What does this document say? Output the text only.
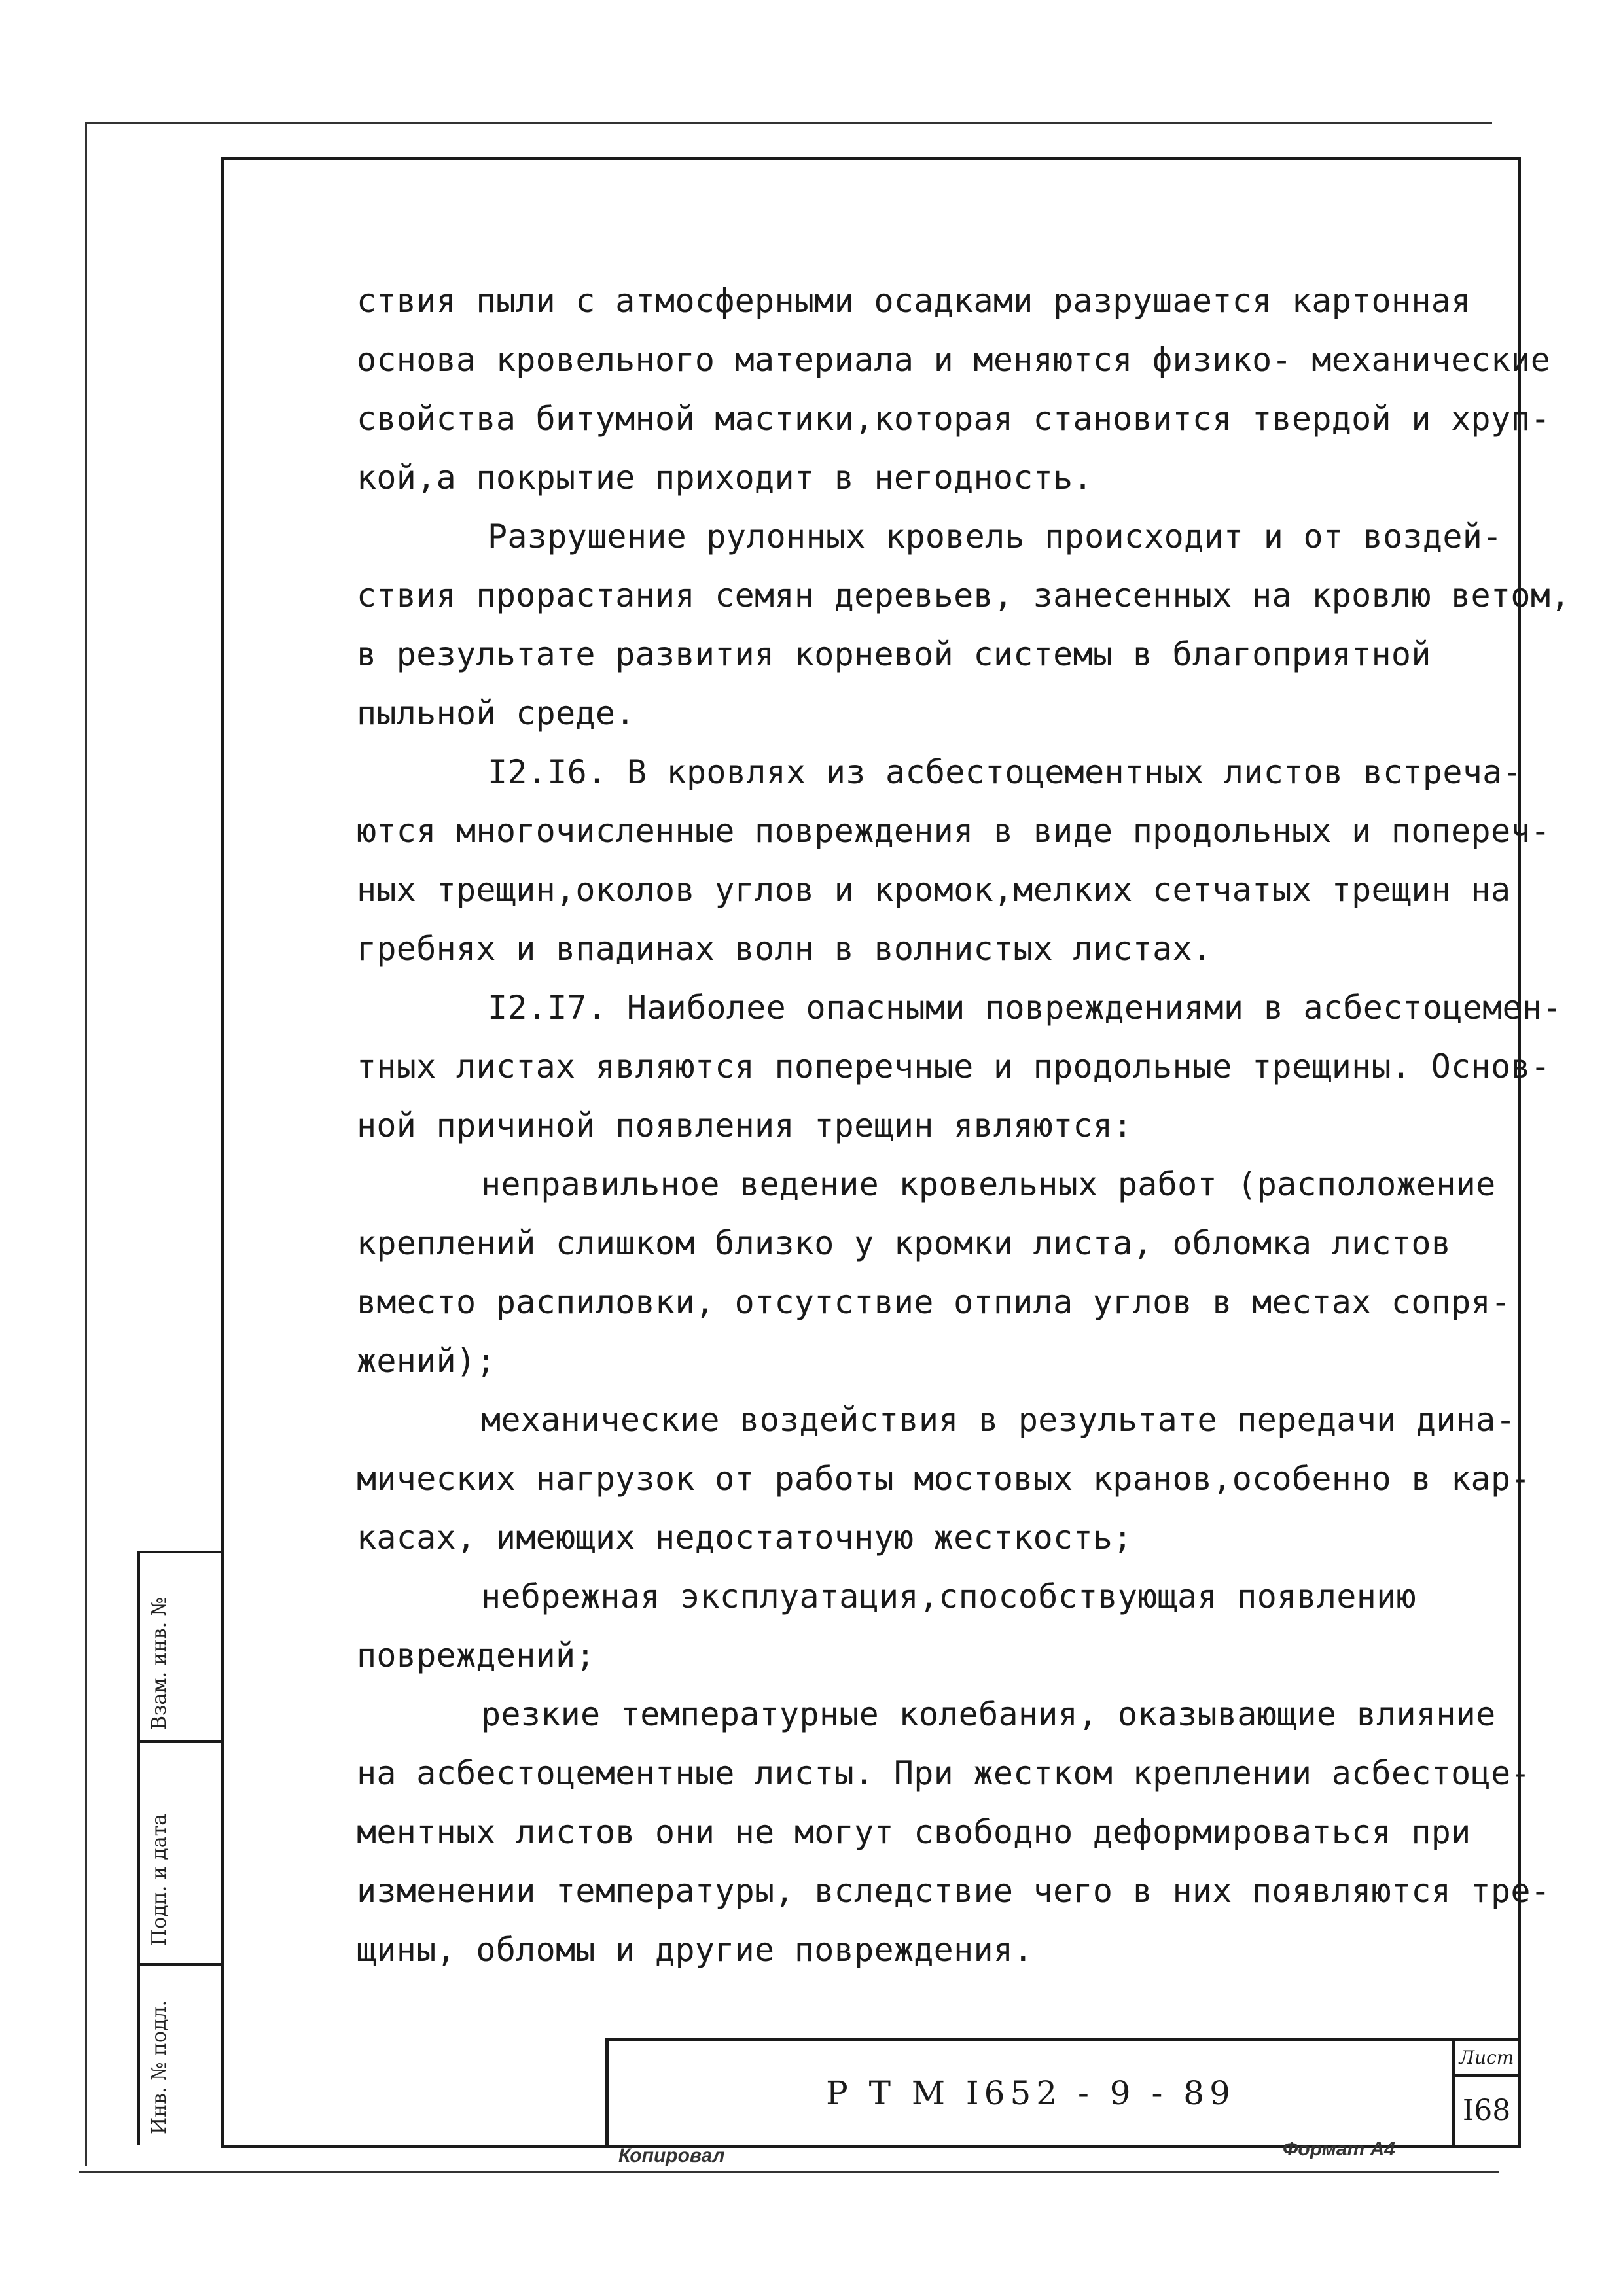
ствия пыли с атмосферными осадками разрушается картонная
основа кровельного материала и меняются физико- механические
свойства битумной мастики,которая становится твердой и хруп-
кой,а покрытие приходит в негодность.
Разрушение рулонных кровель происходит и от воздей-
ствия прорастания семян деревьев, занесенных на кровлю ветом,
в результате развития корневой системы в благоприятной
пыльной среде.
I2.I6. В кровлях из асбестоцементных листов встреча-
ются многочисленные повреждения в виде продольных и попереч-
ных трещин,околов углов и кромок,мелких сетчатых трещин на
гребнях и впадинах волн в волнистых листах.
I2.I7. Наиболее опасными повреждениями в асбестоцемен-
тных листах являются поперечные и продольные трещины. Основ-
ной причиной появления трещин являются:
неправильное ведение кровельных работ (расположение
креплений слишком близко у кромки листа, обломка листов
вместо распиловки, отсутствие отпила углов в местах сопря-
жений);
механические воздействия в результате передачи дина-
мических нагрузок от работы мостовых кранов,особенно в кар-
касах, имеющих недостаточную жесткость;
небрежная эксплуатация,способствующая появлению
повреждений;
резкие температурные колебания, оказывающие влияние
на асбестоцементные листы. При жестком креплении асбестоце-
ментных листов они не могут свободно деформироваться при
изменении температуры, вследствие чего в них появляются тре-
щины, обломы и другие повреждения.
Взам. инв. №
Подп. и дата
Инв. № подл.	Р Т М I652 - 9 - 89
Лист
I68
Копировал	Формат А4
